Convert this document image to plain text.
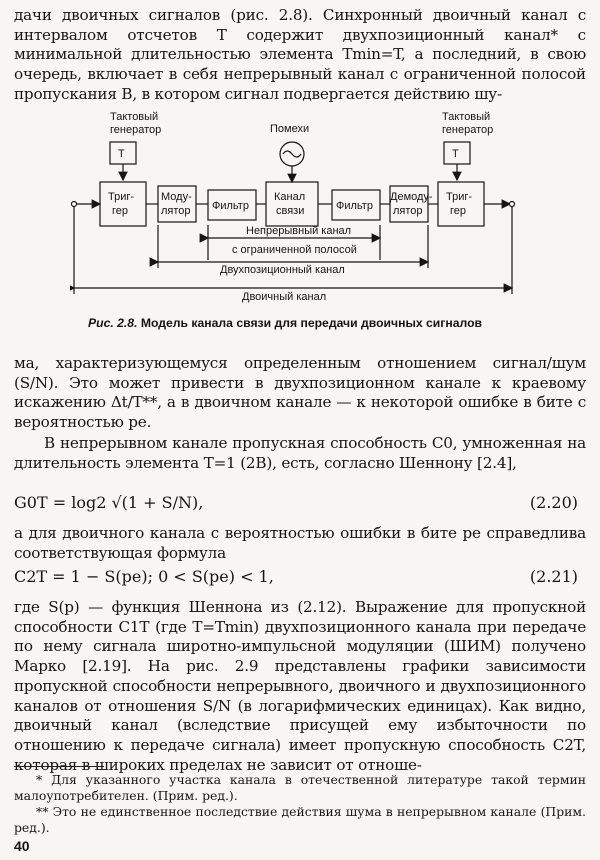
дачи двоичных сигналов (рис. 2.8). Синхронный двоичный канал с интервалом отсчетов T содержит двухпозиционный канал* с минимальной длительностью элемента Tmin=T, а последний, в свою очередь, включает в себя непрерывный канал с ограниченной полосой пропускания B, в котором сигнал подвергается действию шу-

Тактовый
генератор
Тактовый
генератор
Т	Т
Помехи
Триг-
гер
Моду-
лятор Фильтр
Канал
связи	Фильтр
Демоду-
лятор
Триг-
гер
Непрерывный канал
с ограниченной полосой
Двухпозиционный канал
Двоичный канал

Рис. 2.8. Модель канала связи для передачи двоичных сигналов

ма, характеризующемуся определенным отношением сигнал/шум (S/N). Это может привести в двухпозиционном канале к краевому искажению Δt/T**, а в двоичном канале — к некоторой ошибке в бите с вероятностью pe.

В непрерывном канале пропускная способность C0, умноженная на длительность элемента T=1 (2B), есть, согласно Шеннону [2.4],

G0T = log2 √(1 + S/N),	(2.20)

а для двоичного канала с вероятностью ошибки в бите pe справедлива соответствующая формула

C2T = 1 − S(pe); 0 < S(pe) < 1,	(2.21)

где S(p) — функция Шеннона из (2.12). Выражение для пропускной способности C1T (где T=Tmin) двухпозиционного канала при передаче по нему сигнала широтно-импульсной модуляции (ШИМ) получено Марко [2.19]. На рис. 2.9 представлены графики зависимости пропускной способности непрерывного, двоичного и двухпозиционного каналов от отношения S/N (в логарифмических единицах). Как видно, двоичный канал (вследствие присущей ему избыточности по отношению к передаче сигнала) имеет пропускную способность C2T, которая в широких пределах не зависит от отноше-

* Для указанного участка канала в отечественной литературе такой термин малоупотребителен. (Прим. ред.).

** Это не единственное последствие действия шума в непрерывном канале (Прим. ред.).

40
